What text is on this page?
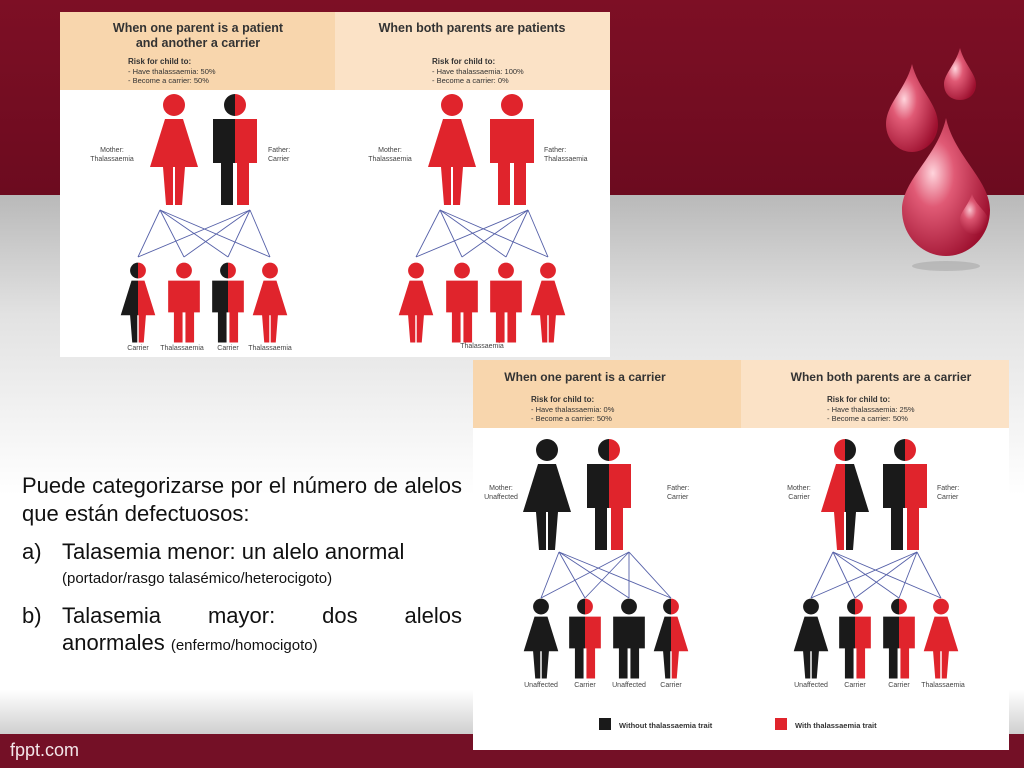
fppt.com
When one parent is a patient
and another a carrier
Risk for child to:
- Have thalassaemia: 50%
- Become a carrier: 50%
When both parents are patients
Risk for child to:
- Have thalassaemia: 100%
- Become a carrier: 0%
Mother:
Thalassaemia
Father:
Carrier
Carrier Thalassaemia Carrier Thalassaemia
Mother:
Thalassaemia
Father:
Thalassaemia
Thalassaemia
When one parent is a carrier
Risk for child to:
- Have thalassaemia: 0%
- Become a carrier: 50%
When both parents are a carrier
Risk for child to:
- Have thalassaemia: 25%
- Become a carrier: 50%
Mother:
Unaffected
Father:
Carrier
Unaffected Carrier Unaffected Carrier
Mother:
Carrier
Father:
Carrier
Unaffected Carrier	Carrier Thalassaemia
Without thalassaemia trait	With thalassaemia trait
Puede categorizarse por el número de alelos que están defectuosos:
a) Talasemia menor: un alelo anormal
(portador/rasgo talasémico/heterocigoto)
b) Talasemia mayor: dos alelos
anormales (enfermo/homocigoto)
